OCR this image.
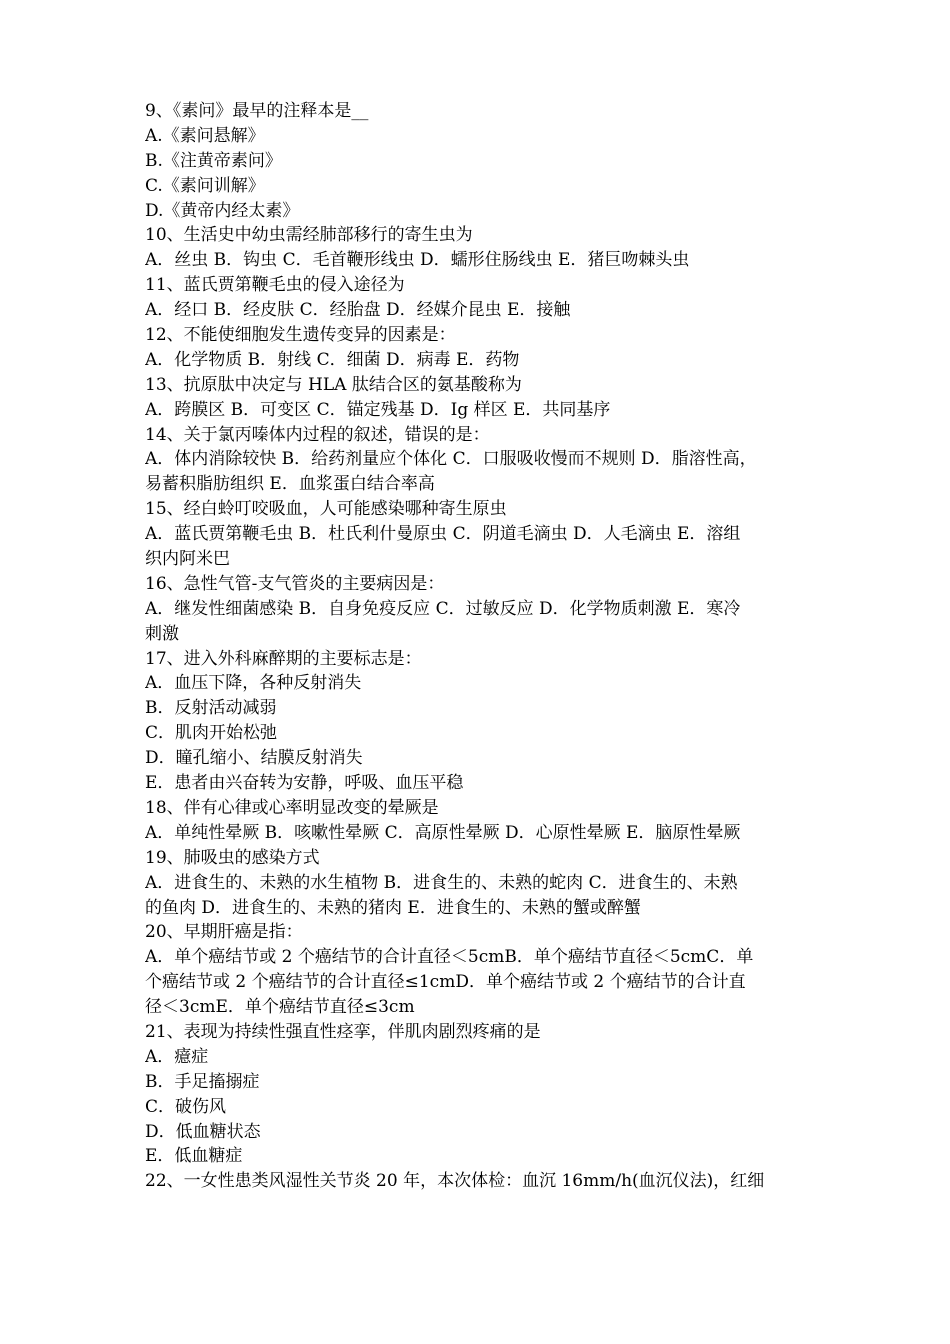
9、《素问》最早的注释本是__
A.《素问悬解》
B.《注黄帝素问》
C.《素问训解》
D.《黄帝内经太素》
10、生活史中幼虫需经肺部移行的寄生虫为
A．丝虫 B．钩虫 C．毛首鞭形线虫 D．蠕形住肠线虫 E．猪巨吻棘头虫
11、蓝氏贾第鞭毛虫的侵入途径为
A．经口 B．经皮肤 C．经胎盘 D．经媒介昆虫 E．接触
12、不能使细胞发生遗传变异的因素是：
A．化学物质 B．射线 C．细菌 D．病毒 E．药物
13、抗原肽中决定与 HLA 肽结合区的氨基酸称为
A．跨膜区 B．可变区 C．锚定残基 D．Ig 样区 E．共同基序
14、关于氯丙嗪体内过程的叙述，错误的是：
A．体内消除较快 B．给药剂量应个体化 C．口服吸收慢而不规则 D．脂溶性高，
易蓄积脂肪组织 E．血浆蛋白结合率高
15、经白蛉叮咬吸血，人可能感染哪种寄生原虫
A．蓝氏贾第鞭毛虫 B．杜氏利什曼原虫 C．阴道毛滴虫 D．人毛滴虫 E．溶组
织内阿米巴
16、急性气管-支气管炎的主要病因是：
A．继发性细菌感染 B．自身免疫反应 C．过敏反应 D．化学物质刺激 E．寒冷
刺激
17、进入外科麻醉期的主要标志是：
A．血压下降，各种反射消失
B．反射活动减弱
C．肌肉开始松弛
D．瞳孔缩小、结膜反射消失
E．患者由兴奋转为安静，呼吸、血压平稳
18、伴有心律或心率明显改变的晕厥是
A．单纯性晕厥 B．咳嗽性晕厥 C．高原性晕厥 D．心原性晕厥 E．脑原性晕厥
19、肺吸虫的感染方式
A．进食生的、未熟的水生植物 B．进食生的、未熟的蛇肉 C．进食生的、未熟
的鱼肉 D．进食生的、未熟的猪肉 E．进食生的、未熟的蟹或醉蟹
20、早期肝癌是指：
A．单个癌结节或 2 个癌结节的合计直径＜5cmB．单个癌结节直径＜5cmC．单
个癌结节或 2 个癌结节的合计直径≤1cmD．单个癌结节或 2 个癌结节的合计直
径＜3cmE．单个癌结节直径≤3cm
21、表现为持续性强直性痉挛，伴肌肉剧烈疼痛的是
A．癔症
B．手足搐搦症
C．破伤风
D．低血糖状态
E．低血糖症
22、一女性患类风湿性关节炎 20 年，本次体检：血沉 16mm/h(血沉仪法)，红细
